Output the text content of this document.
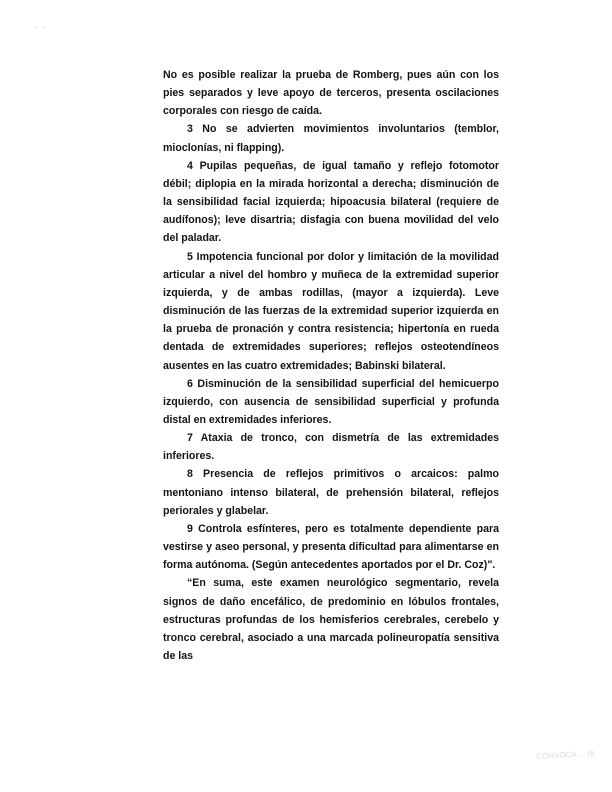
- -

No es posible realizar la prueba de Romberg, pues aún con los pies separados y leve apoyo de terceros, presenta oscilaciones corporales con riesgo de caída.

3 No se advierten movimientos involuntarios (temblor, mioclonías, ni flapping).

4 Pupilas pequeñas, de igual tamaño y reflejo fotomotor débil; diplopia en la mirada horizontal a derecha; disminución de la sensibilidad facial izquierda; hipoacusia bilateral (requiere de audífonos); leve disartria; disfagia con buena movilidad del velo del paladar.

5 Impotencia funcional por dolor y limitación de la movilidad articular a nivel del hombro y muñeca de la extremidad superior izquierda, y de ambas rodillas, (mayor a izquierda). Leve disminución de las fuerzas de la extremidad superior izquierda en la prueba de pronación y contra resistencia; hipertonía en rueda dentada de extremidades superiores; reflejos osteotendíneos ausentes en las cuatro extremidades; Babinski bilateral.

6 Disminución de la sensibilidad superficial del hemicuerpo izquierdo, con ausencia de sensibilidad superficial y profunda distal en extremidades inferiores.

7 Ataxia de tronco, con dismetría de las extremidades inferiores.

8 Presencia de reflejos primitivos o arcaicos: palmo mentoniano intenso bilateral, de prehensión bilateral, reflejos periorales y glabelar.

9 Controla esfínteres, pero es totalmente dependiente para vestirse y aseo personal, y presenta dificultad para alimentarse en forma autónoma. (Según antecedentes aportados por el Dr. Coz)".

“En suma, este examen neurológico segmentario, revela signos de daño encefálico, de predominio en lóbulos frontales, estructuras profundas de los hemisferios cerebrales, cerebelo y tronco cerebral, asociado a una marcada polineuropatía sensitiva de las

CONVOCA ... (6
